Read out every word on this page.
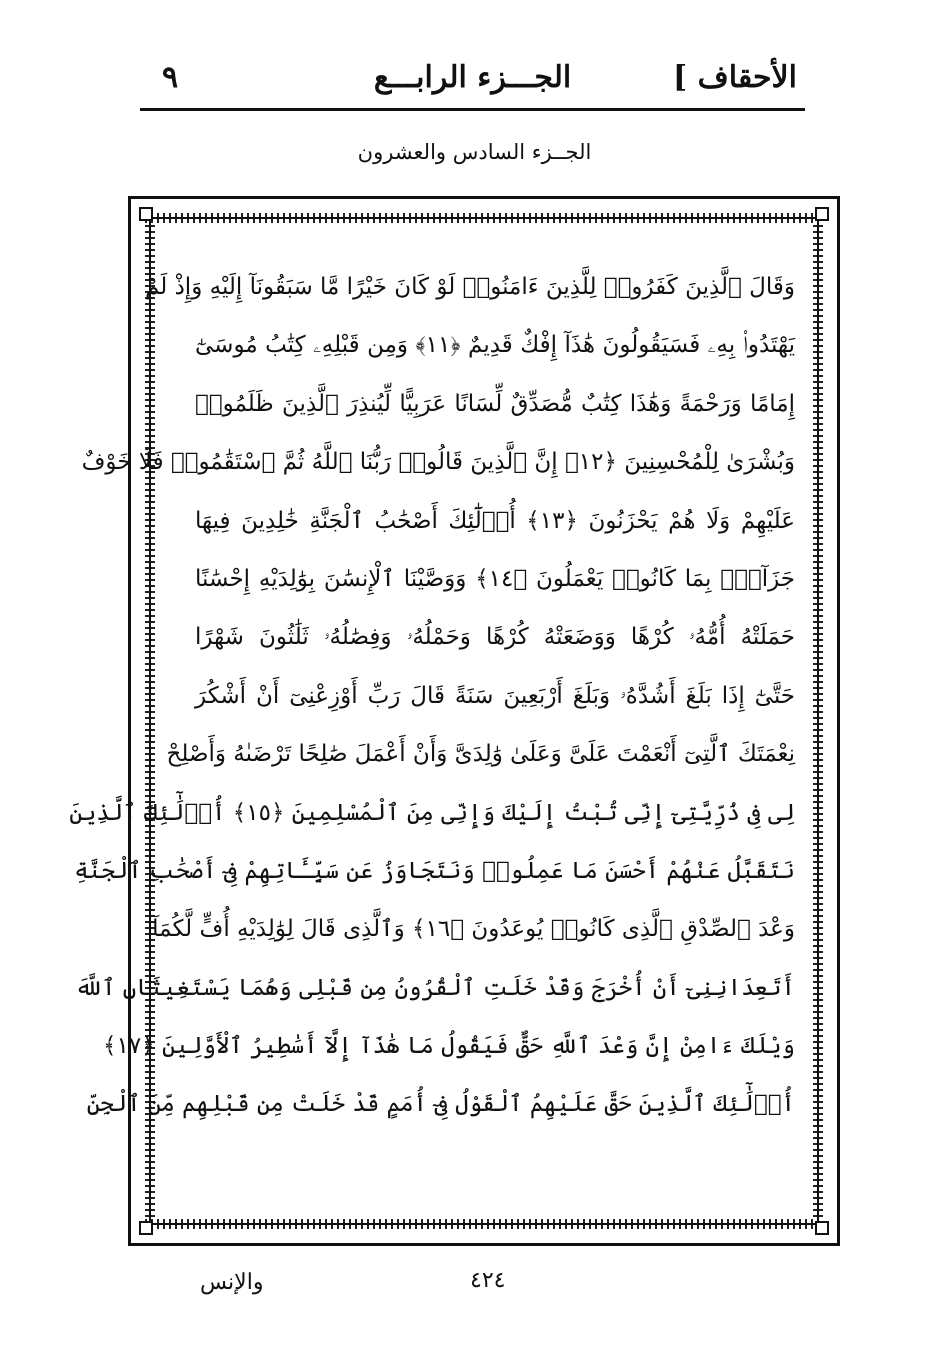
الأحقاف ]
الجـــزء الرابـــع
٩
الجــزء السادس والعشرون
وَقَالَ ٱلَّذِينَ كَفَرُوا۟ لِلَّذِينَ ءَامَنُوا۟ لَوْ كَانَ خَيْرًا مَّا سَبَقُونَآ إِلَيْهِ وَإِذْ لَمْ
يَهْتَدُوا۟ بِهِۦ فَسَيَقُولُونَ هَٰذَآ إِفْكٌ قَدِيمٌ ﴿١١﴾ وَمِن قَبْلِهِۦ كِتَٰبُ مُوسَىٰٓ
إِمَامًا وَرَحْمَةً وَهَٰذَا كِتَٰبٌ مُّصَدِّقٌ لِّسَانًا عَرَبِيًّا لِّيُنذِرَ ٱلَّذِينَ ظَلَمُوا۟
وَبُشْرَىٰ لِلْمُحْسِنِينَ ﴿١٢﴾ إِنَّ ٱلَّذِينَ قَالُوا۟ رَبُّنَا ٱللَّهُ ثُمَّ ٱسْتَقَٰمُوا۟ فَلَا خَوْفٌ
عَلَيْهِمْ وَلَا هُمْ يَحْزَنُونَ ﴿١٣﴾ أُو۟لَٰٓئِكَ أَصْحَٰبُ ٱلْجَنَّةِ خَٰلِدِينَ فِيهَا
جَزَآءًۢ بِمَا كَانُوا۟ يَعْمَلُونَ ﴿١٤﴾ وَوَصَّيْنَا ٱلْإِنسَٰنَ بِوَٰلِدَيْهِ إِحْسَٰنًا
حَمَلَتْهُ أُمُّهُۥ كُرْهًا وَوَضَعَتْهُ كُرْهًا وَحَمْلُهُۥ وَفِصَٰلُهُۥ ثَلَٰثُونَ شَهْرًا
حَتَّىٰٓ إِذَا بَلَغَ أَشُدَّهُۥ وَبَلَغَ أَرْبَعِينَ سَنَةً قَالَ رَبِّ أَوْزِعْنِىٓ أَنْ أَشْكُرَ
نِعْمَتَكَ ٱلَّتِىٓ أَنْعَمْتَ عَلَىَّ وَعَلَىٰ وَٰلِدَىَّ وَأَنْ أَعْمَلَ صَٰلِحًا تَرْضَىٰهُ وَأَصْلِحْ
لِى فِى ذُرِّيَّتِىٓ إِنِّى تُبْتُ إِلَيْكَ وَإِنِّى مِنَ ٱلْمُسْلِمِينَ ﴿١٥﴾ أُو۟لَٰٓئِكَ ٱلَّذِينَ
نَتَقَبَّلُ عَنْهُمْ أَحْسَنَ مَا عَمِلُوا۟ وَنَتَجَاوَزُ عَن سَيِّـَٔاتِهِمْ فِىٓ أَصْحَٰبِ ٱلْجَنَّةِ
وَعْدَ ٱلصِّدْقِ ٱلَّذِى كَانُوا۟ يُوعَدُونَ ﴿١٦﴾ وَٱلَّذِى قَالَ لِوَٰلِدَيْهِ أُفٍّ لَّكُمَآ
أَتَعِدَانِنِىٓ أَنْ أُخْرَجَ وَقَدْ خَلَتِ ٱلْقُرُونُ مِن قَبْلِى وَهُمَا يَسْتَغِيثَانِ ٱللَّهَ
وَيْلَكَ ءَامِنْ إِنَّ وَعْدَ ٱللَّهِ حَقٌّ فَيَقُولُ مَا هَٰذَآ إِلَّآ أَسَٰطِيرُ ٱلْأَوَّلِينَ ﴿١٧﴾
أُو۟لَٰٓئِكَ ٱلَّذِينَ حَقَّ عَلَيْهِمُ ٱلْقَوْلُ فِىٓ أُمَمٍ قَدْ خَلَتْ مِن قَبْلِهِم مِّنَ ٱلْجِنِّ
والإنس	٤٢٤
